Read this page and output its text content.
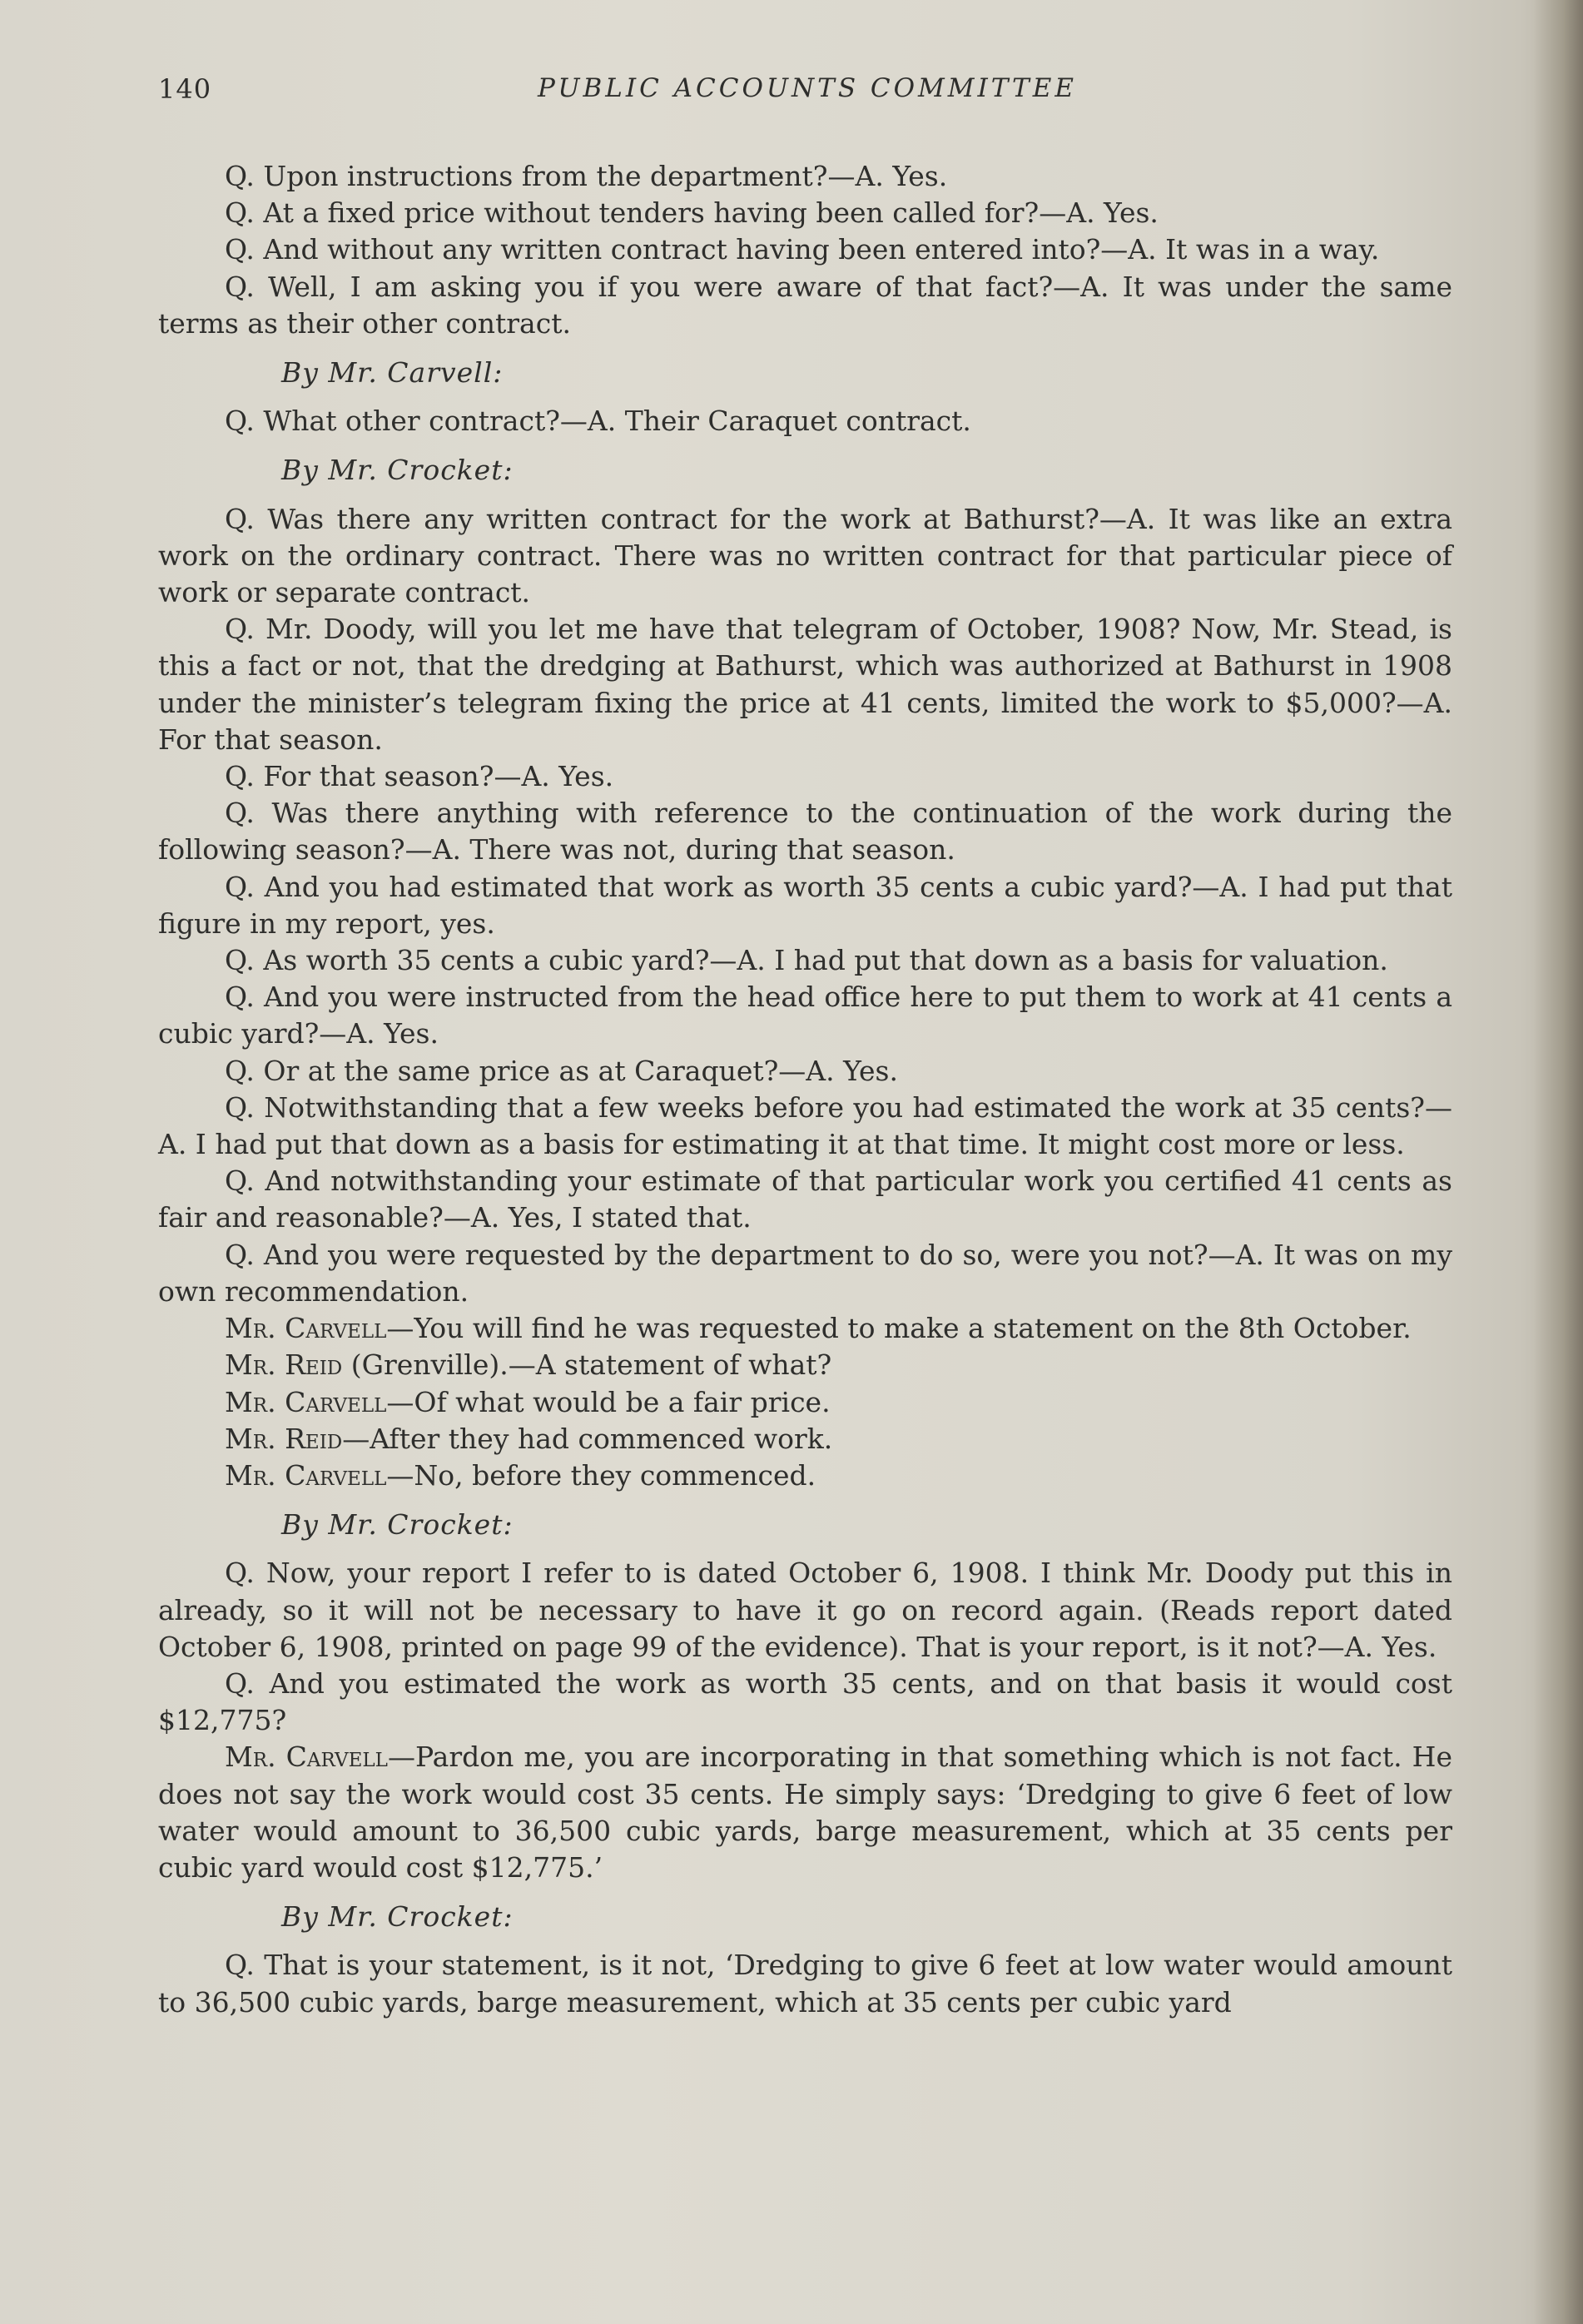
140	PUBLIC ACCOUNTS COMMITTEE

Q. Upon instructions from the department?—A. Yes.

Q. At a fixed price without tenders having been called for?—A. Yes.

Q. And without any written contract having been entered into?—A. It was in a way.

Q. Well, I am asking you if you were aware of that fact?—A. It was under the same terms as their other contract.

By Mr. Carvell:

Q. What other contract?—A. Their Caraquet contract.

By Mr. Crocket:

Q. Was there any written contract for the work at Bathurst?—A. It was like an extra work on the ordinary contract. There was no written contract for that particular piece of work or separate contract.

Q. Mr. Doody, will you let me have that telegram of October, 1908? Now, Mr. Stead, is this a fact or not, that the dredging at Bathurst, which was authorized at Bathurst in 1908 under the minister’s telegram fixing the price at 41 cents, limited the work to $5,000?—A. For that season.

Q. For that season?—A. Yes.

Q. Was there anything with reference to the continuation of the work during the following season?—A. There was not, during that season.

Q. And you had estimated that work as worth 35 cents a cubic yard?—A. I had put that figure in my report, yes.

Q. As worth 35 cents a cubic yard?—A. I had put that down as a basis for valuation.

Q. And you were instructed from the head office here to put them to work at 41 cents a cubic yard?—A. Yes.

Q. Or at the same price as at Caraquet?—A. Yes.

Q. Notwithstanding that a few weeks before you had estimated the work at 35 cents?—A. I had put that down as a basis for estimating it at that time. It might cost more or less.

Q. And notwithstanding your estimate of that particular work you certified 41 cents as fair and reasonable?—A. Yes, I stated that.

Q. And you were requested by the department to do so, were you not?—A. It was on my own recommendation.

Mr. Carvell—You will find he was requested to make a statement on the 8th October.

Mr. Reid (Grenville).—A statement of what?

Mr. Carvell—Of what would be a fair price.

Mr. Reid—After they had commenced work.

Mr. Carvell—No, before they commenced.

By Mr. Crocket:

Q. Now, your report I refer to is dated October 6, 1908. I think Mr. Doody put this in already, so it will not be necessary to have it go on record again. (Reads report dated October 6, 1908, printed on page 99 of the evidence). That is your report, is it not?—A. Yes.

Q. And you estimated the work as worth 35 cents, and on that basis it would cost $12,775?

Mr. Carvell—Pardon me, you are incorporating in that something which is not fact. He does not say the work would cost 35 cents. He simply says: ‘Dredging to give 6 feet of low water would amount to 36,500 cubic yards, barge measurement, which at 35 cents per cubic yard would cost $12,775.’

By Mr. Crocket:

Q. That is your statement, is it not, ‘Dredging to give 6 feet at low water would amount to 36,500 cubic yards, barge measurement, which at 35 cents per cubic yard
